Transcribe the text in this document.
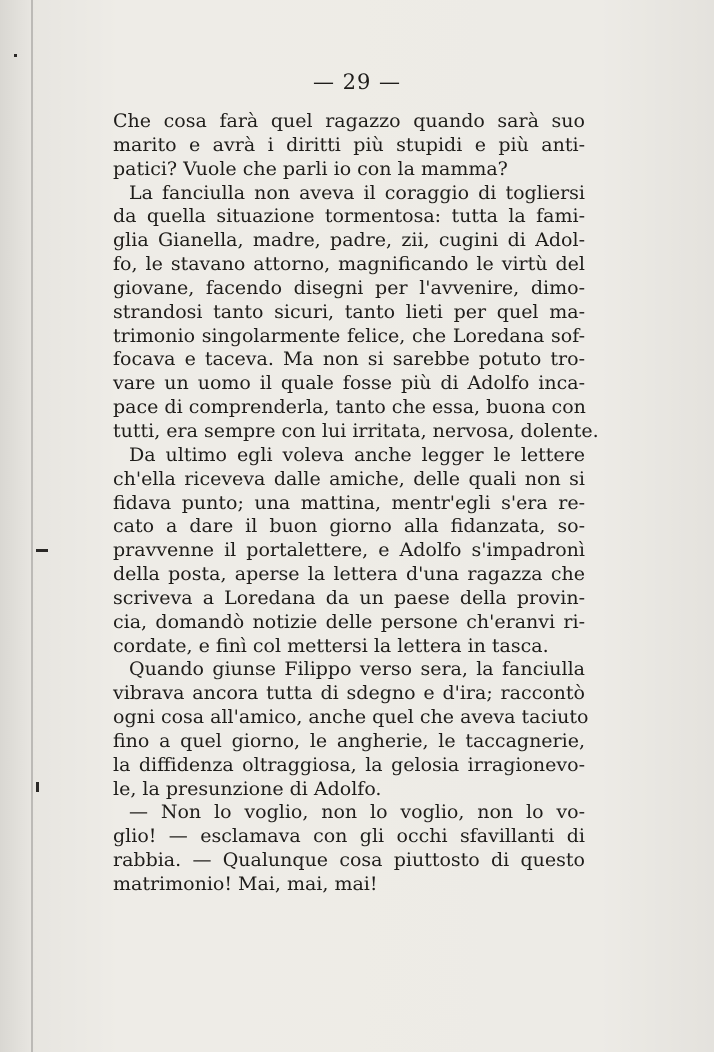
— 29 —
Che cosa farà quel ragazzo quando sarà suo
marito e avrà i diritti più stupidi e più anti-
patici? Vuole che parli io con la mamma?
La fanciulla non aveva il coraggio di togliersi
da quella situazione tormentosa: tutta la fami-
glia Gianella, madre, padre, zii, cugini di Adol-
fo, le stavano attorno, magnificando le virtù del
giovane, facendo disegni per l'avvenire, dimo-
strandosi tanto sicuri, tanto lieti per quel ma-
trimonio singolarmente felice, che Loredana sof-
focava e taceva. Ma non si sarebbe potuto tro-
vare un uomo il quale fosse più di Adolfo inca-
pace di comprenderla, tanto che essa, buona con
tutti, era sempre con lui irritata, nervosa, dolente.
Da ultimo egli voleva anche legger le lettere
ch'ella riceveva dalle amiche, delle quali non si
fidava punto; una mattina, mentr'egli s'era re-
cato a dare il buon giorno alla fidanzata, so-
pravvenne il portalettere, e Adolfo s'impadronì
della posta, aperse la lettera d'una ragazza che
scriveva a Loredana da un paese della provin-
cia, domandò notizie delle persone ch'eranvi ri-
cordate, e finì col mettersi la lettera in tasca.
Quando giunse Filippo verso sera, la fanciulla
vibrava ancora tutta di sdegno e d'ira; raccontò
ogni cosa all'amico, anche quel che aveva taciuto
fino a quel giorno, le angherie, le taccagnerie,
la diffidenza oltraggiosa, la gelosia irragionevo-
le, la presunzione di Adolfo.
— Non lo voglio, non lo voglio, non lo vo-
glio! — esclamava con gli occhi sfavillanti di
rabbia. — Qualunque cosa piuttosto di questo
matrimonio! Mai, mai, mai!
